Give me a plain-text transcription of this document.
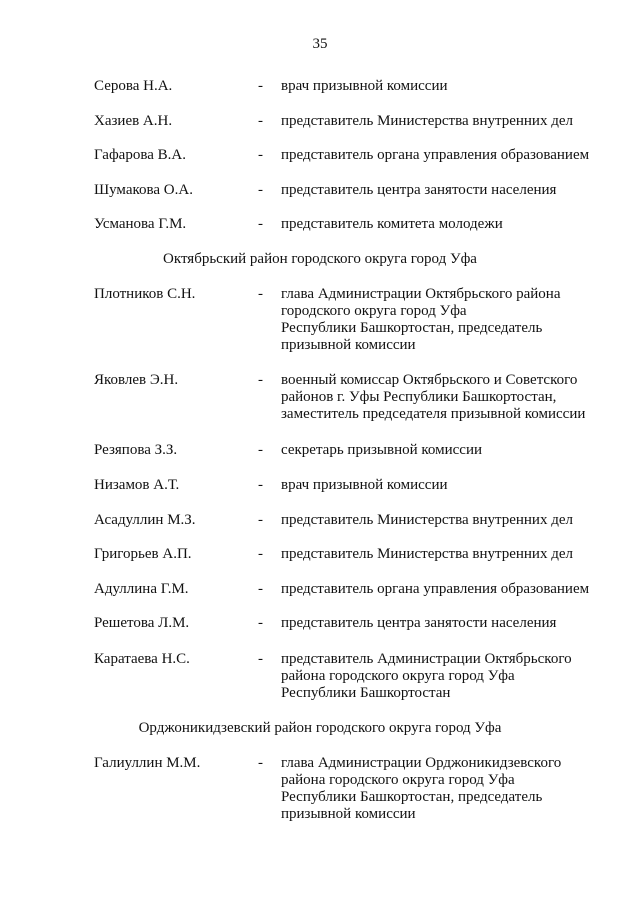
35
Серова Н.А.	- врач призывной комиссии
Хазиев А.Н.	- представитель Министерства внутренних дел
Гафарова В.А.	- представитель органа управления образованием
Шумакова О.А.	- представитель центра занятости населения
Усманова Г.М.	- представитель комитета молодежи
Октябрьский район городского округа город Уфа
Плотников С.Н.	- глава Администрации Октябрьского района
городского округа город Уфа
Республики Башкортостан, председатель
призывной комиссии
Яковлев Э.Н.	- военный комиссар Октябрьского и Советского
районов г. Уфы Республики Башкортостан,
заместитель председателя призывной комиссии
Резяпова З.З.	- секретарь призывной комиссии
Низамов А.Т.	- врач призывной комиссии
Асадуллин М.З.	- представитель Министерства внутренних дел
Григорьев А.П.	- представитель Министерства внутренних дел
Адуллина Г.М.	- представитель органа управления образованием
Решетова Л.М.	- представитель центра занятости населения
Каратаева Н.С.	- представитель Администрации Октябрьского
района городского округа город Уфа
Республики Башкортостан
Орджоникидзевский район городского округа город Уфа
Галиуллин М.М.	- глава Администрации Орджоникидзевского
района городского округа город Уфа
Республики Башкортостан, председатель
призывной комиссии
